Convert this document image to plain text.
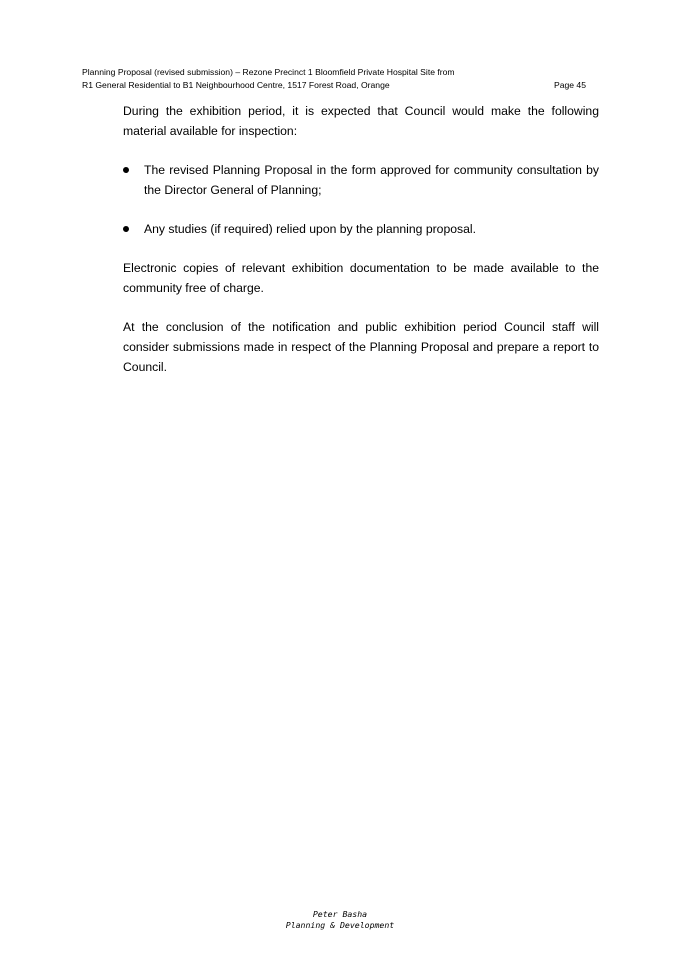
Planning Proposal (revised submission) – Rezone Precinct 1 Bloomfield Private Hospital Site from
R1 General Residential to B1 Neighbourhood Centre, 1517 Forest Road, Orange	Page 45

During the exhibition period, it is expected that Council would make the following material available for inspection:

The revised Planning Proposal in the form approved for community consultation by the Director General of Planning;
Any studies (if required) relied upon by the planning proposal.

Electronic copies of relevant exhibition documentation to be made available to the community free of charge.

At the conclusion of the notification and public exhibition period Council staff will consider submissions made in respect of the Planning Proposal and prepare a report to Council.

Peter Basha
Planning & Development
